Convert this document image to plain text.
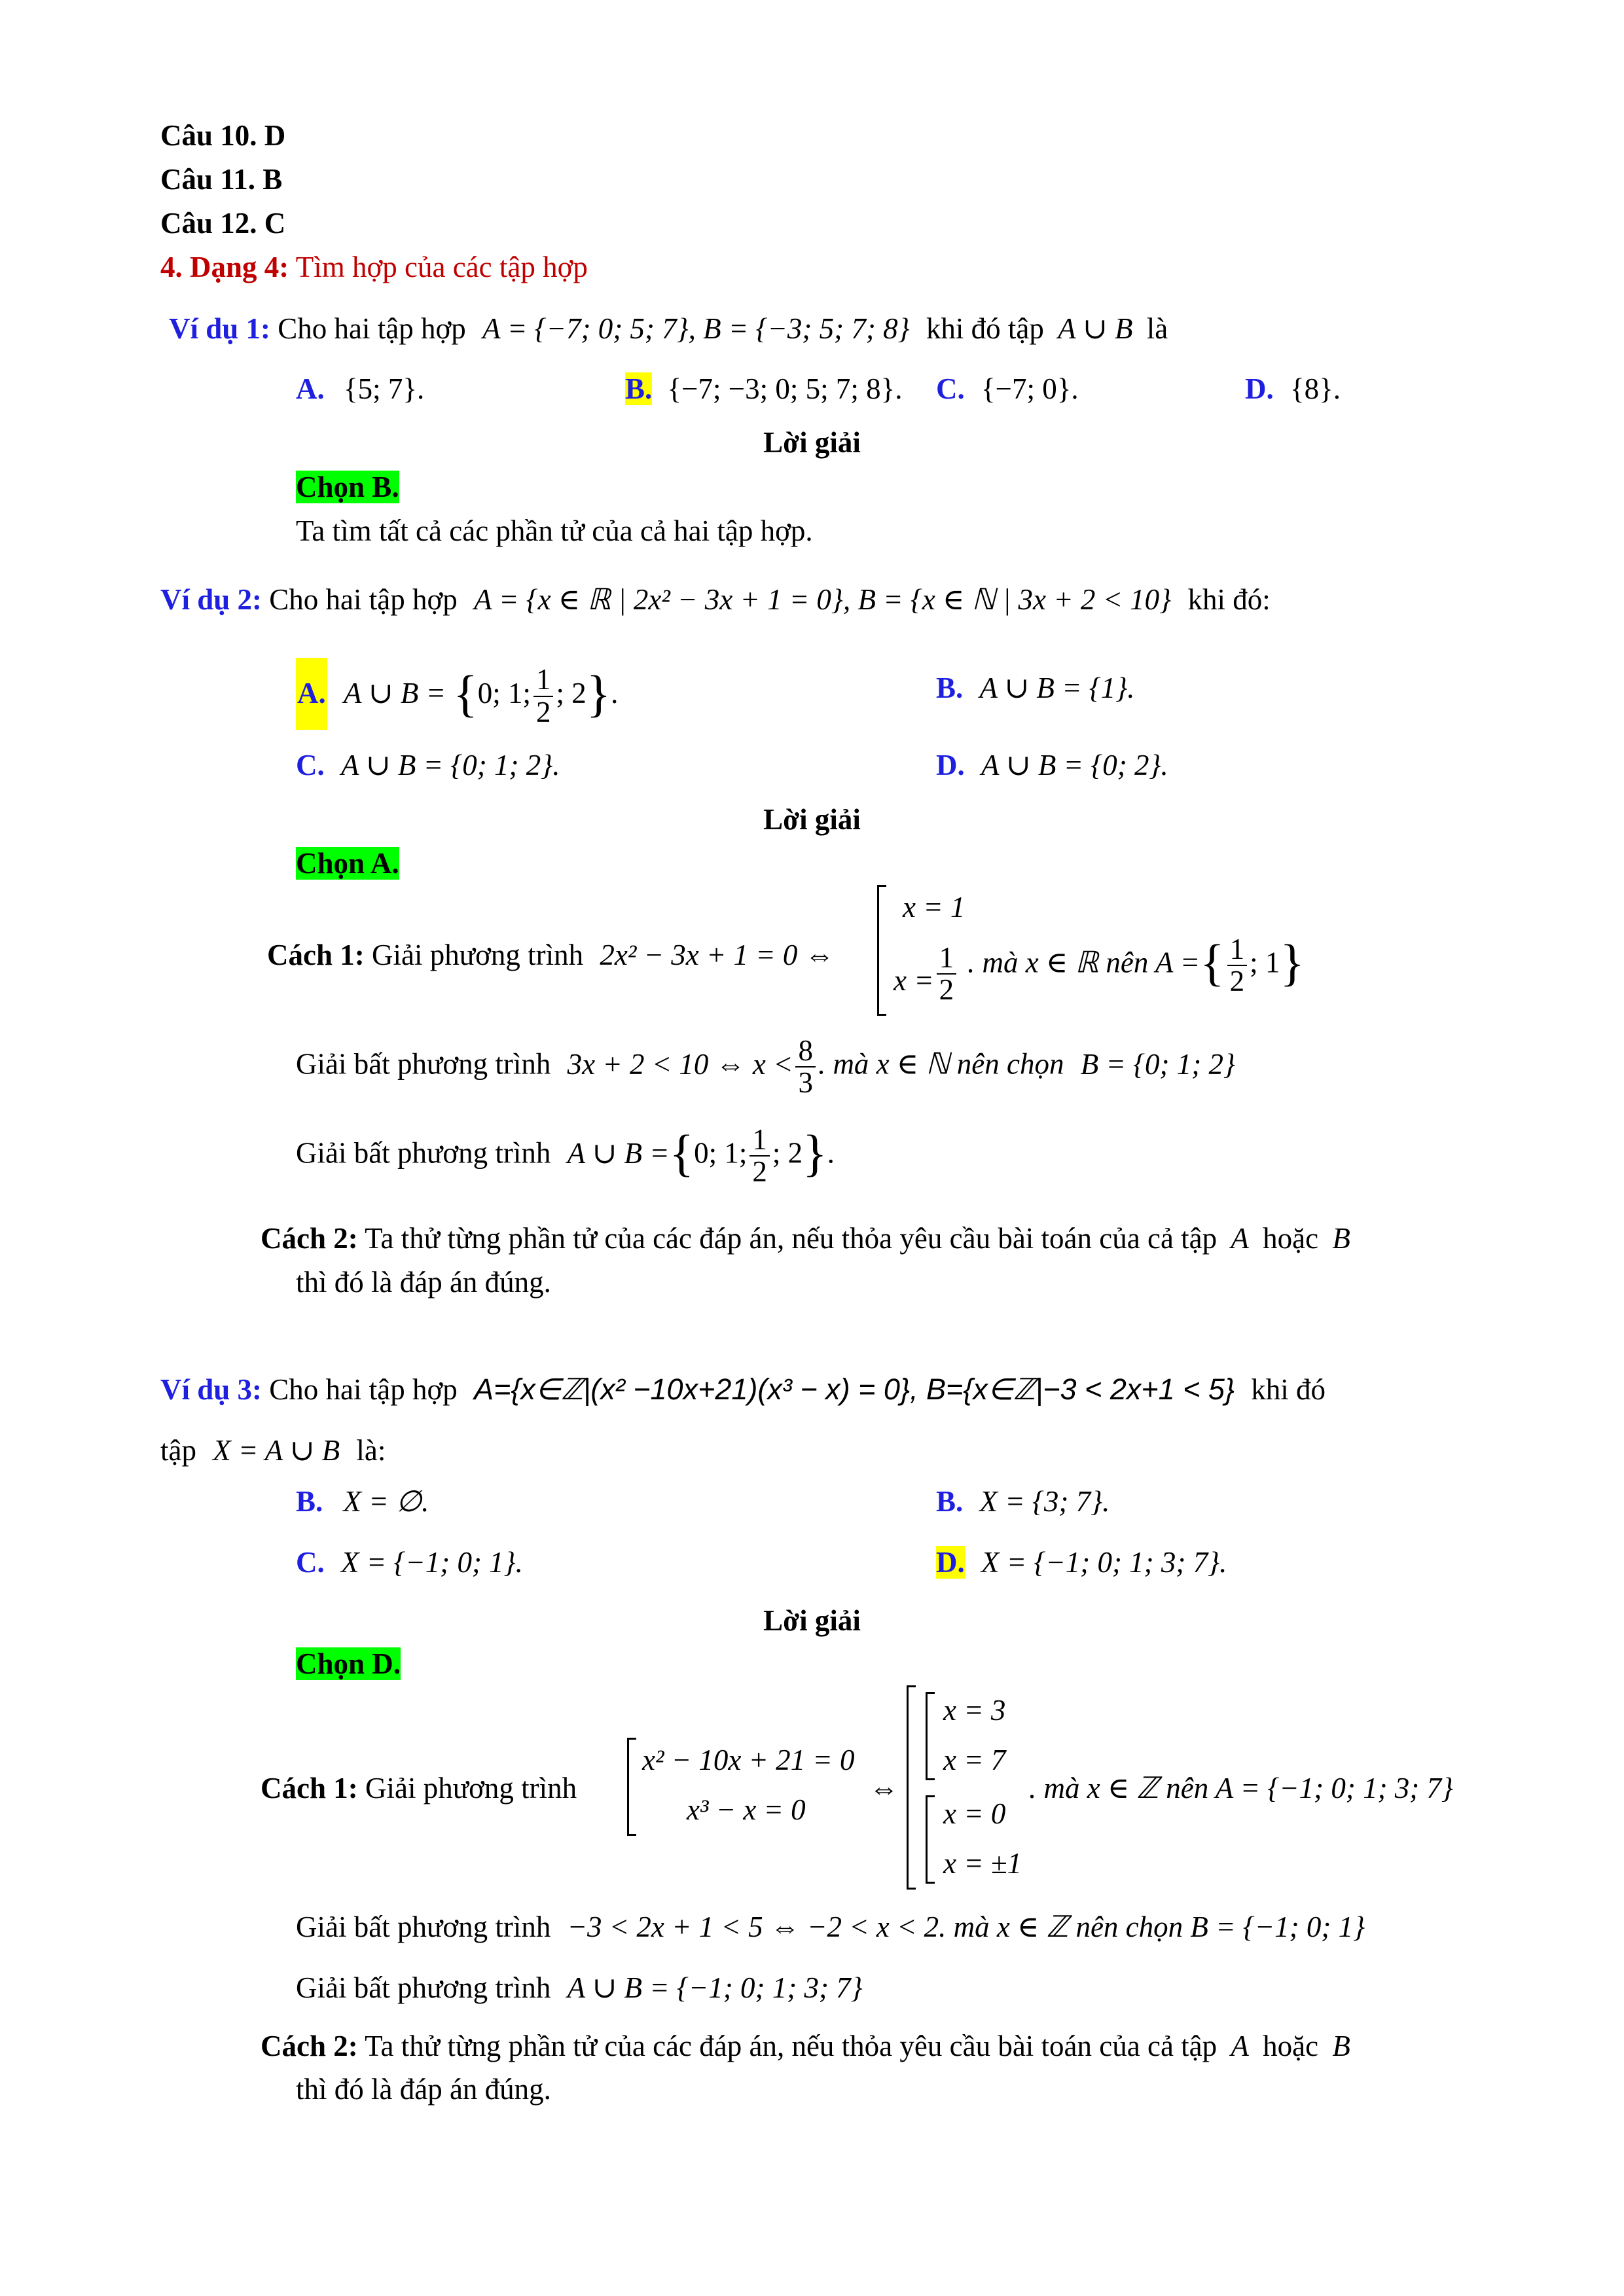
Câu 10. D
Câu 11. B
Câu 12. C
4. Dạng 4: Tìm hợp của các tập hợp
Ví dụ 1: Cho hai tập hợp A = {−7; 0; 5; 7}, B = {−3; 5; 7; 8} khi đó tập A ∪ B là
A. {5; 7}.	B. {−7; −3; 0; 5; 7; 8}. C. {−7; 0}.	D. {8}.
Lời giải
Chọn B.
Ta tìm tất cả các phần tử của cả hai tập hợp.
Ví dụ 2: Cho hai tập hợp A = {x ∈ ℝ | 2x² − 3x + 1 = 0}, B = {x ∈ ℕ | 3x + 2 < 10} khi đó:
A. A ∪ B = {0; 1; $\frac{1}{2}$ ; 2}.	B. A ∪ B = {1}.
C. A ∪ B = {0; 1; 2}.	D. A ∪ B = {0; 2}.
Lời giải
Chọn A.
Cách 1: Giải phương trình 2x² − 3x + 1 = 0 ⇔
x = 1
$x = \frac{1}{2}$ . mà x ∈ ℝ nên A ={ $\frac{1}{2}$ ; 1}
Giải bất phương trình 3x + 2 < 10 ⇔ $x < \frac{8}{3}$ . mà x ∈ ℕ nên chọn B = {0; 1; 2}
Giải bất phương trình A ∪ B ={0; 1; $\frac{1}{2}$ ; 2}.
Cách 2: Ta thử từng phần tử của các đáp án, nếu thỏa yêu cầu bài toán của cả tập A hoặc B
thì đó là đáp án đúng.
Ví dụ 3: Cho hai tập hợp A={x∈ℤ|(x² −10x+21)(x³ − x) = 0}, B={x∈ℤ|−3 < 2x+1 < 5} khi đó
tập X = A ∪ B là:
B. X = ∅.	B. X = {3; 7}.
C. X = {−1; 0; 1}.	D. X = {−1; 0; 1; 3; 7}.
Lời giải
Chọn D.
Cách 1: Giải phương trình
x² − 10x + 21 = 0
x³ − x = 0
⇔
x = 3
x = 7
x = 0
x = ±1
. mà x ∈ ℤ nên A = {−1; 0; 1; 3; 7}
Giải bất phương trình −3 < 2x + 1 < 5 ⇔ −2 < x < 2. mà x ∈ ℤ nên chọn B = {−1; 0; 1}
Giải bất phương trình A ∪ B = {−1; 0; 1; 3; 7}
Cách 2: Ta thử từng phần tử của các đáp án, nếu thỏa yêu cầu bài toán của cả tập A hoặc B
thì đó là đáp án đúng.
